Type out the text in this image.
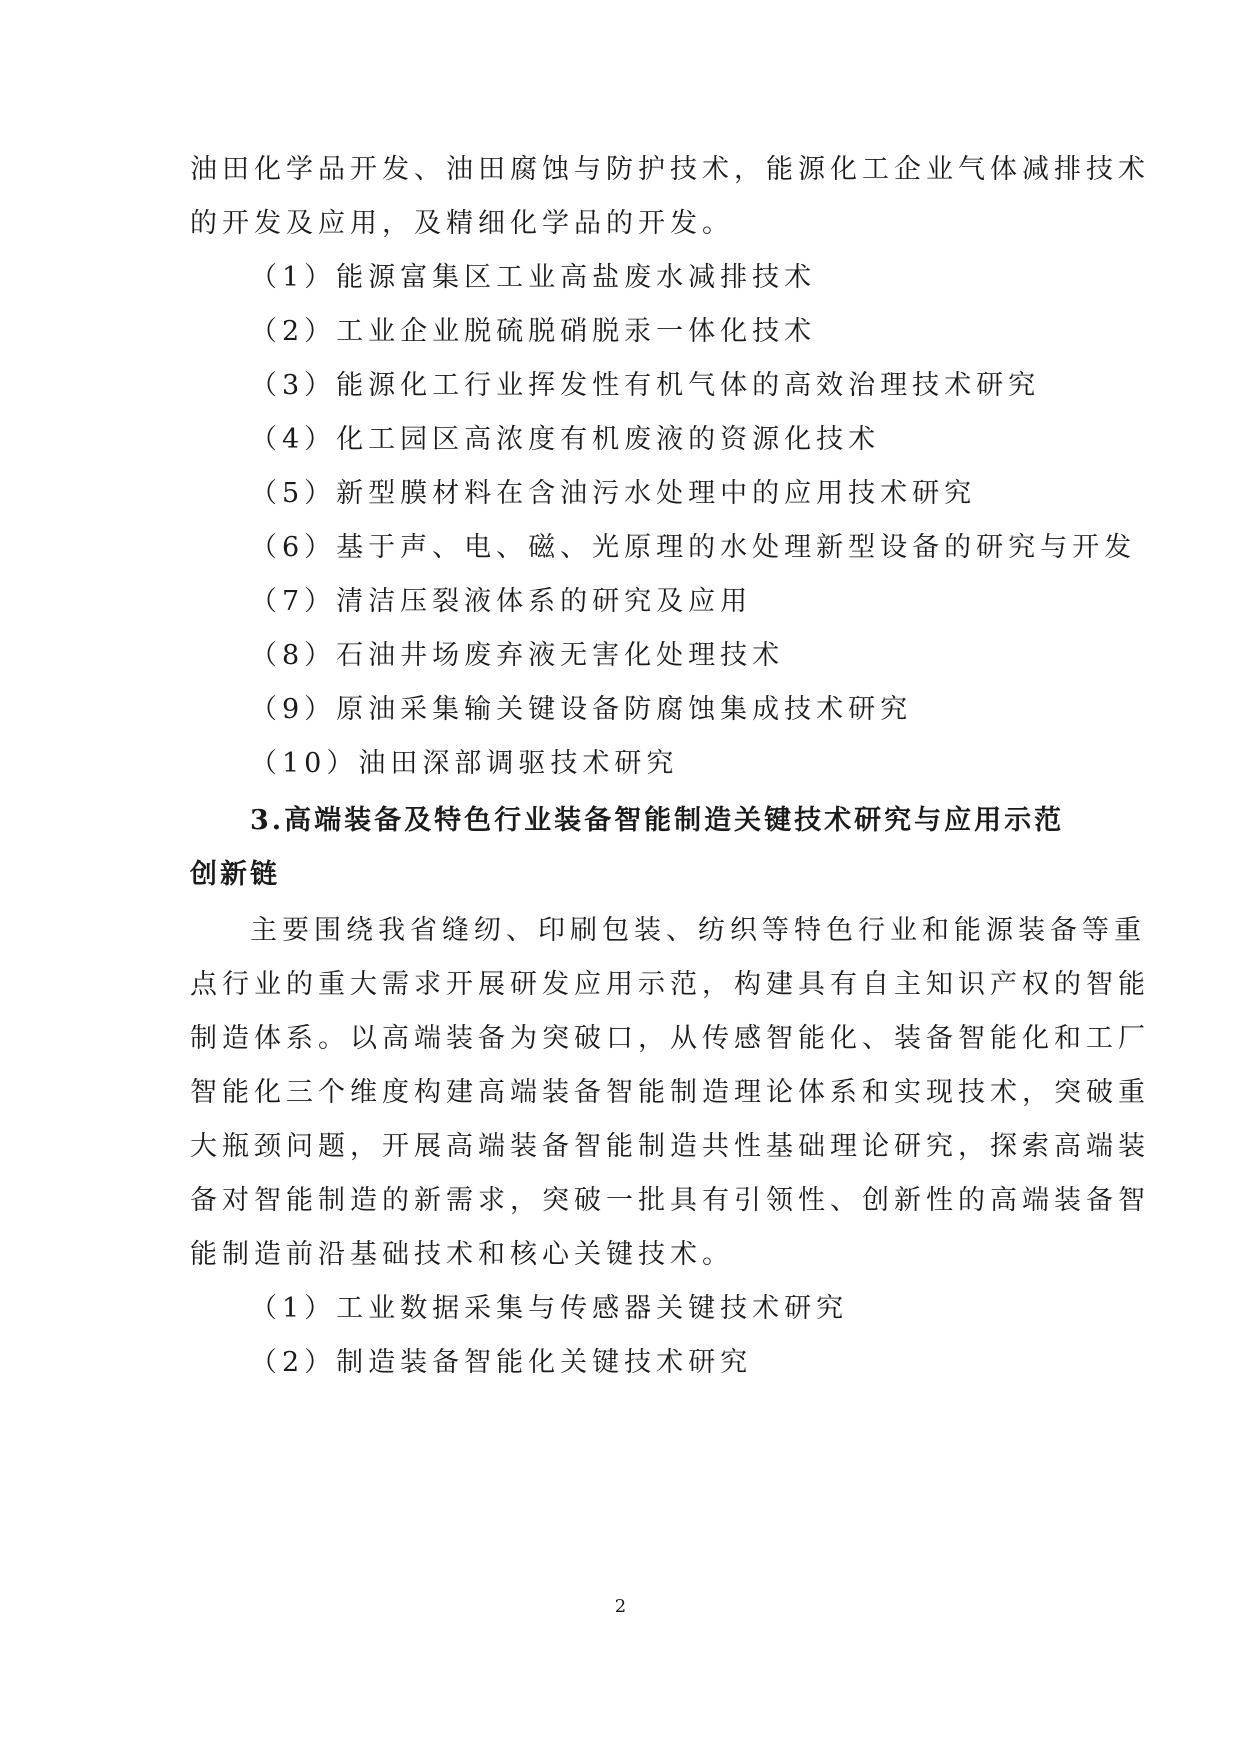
油田化学品开发、油田腐蚀与防护技术，能源化工企业气体减排技术

的开发及应用，及精细化学品的开发。

（1）能源富集区工业高盐废水减排技术

（2）工业企业脱硫脱硝脱汞一体化技术

（3）能源化工行业挥发性有机气体的高效治理技术研究

（4）化工园区高浓度有机废液的资源化技术

（5）新型膜材料在含油污水处理中的应用技术研究

（6）基于声、电、磁、光原理的水处理新型设备的研究与开发

（7）清洁压裂液体系的研究及应用

（8）石油井场废弃液无害化处理技术

（9）原油采集输关键设备防腐蚀集成技术研究

（10）油田深部调驱技术研究

3.高端装备及特色行业装备智能制造关键技术研究与应用示范

创新链

主要围绕我省缝纫、印刷包装、纺织等特色行业和能源装备等重

点行业的重大需求开展研发应用示范，构建具有自主知识产权的智能

制造体系。以高端装备为突破口，从传感智能化、装备智能化和工厂

智能化三个维度构建高端装备智能制造理论体系和实现技术，突破重

大瓶颈问题，开展高端装备智能制造共性基础理论研究，探索高端装

备对智能制造的新需求，突破一批具有引领性、创新性的高端装备智

能制造前沿基础技术和核心关键技术。

（1）工业数据采集与传感器关键技术研究

（2）制造装备智能化关键技术研究

2
